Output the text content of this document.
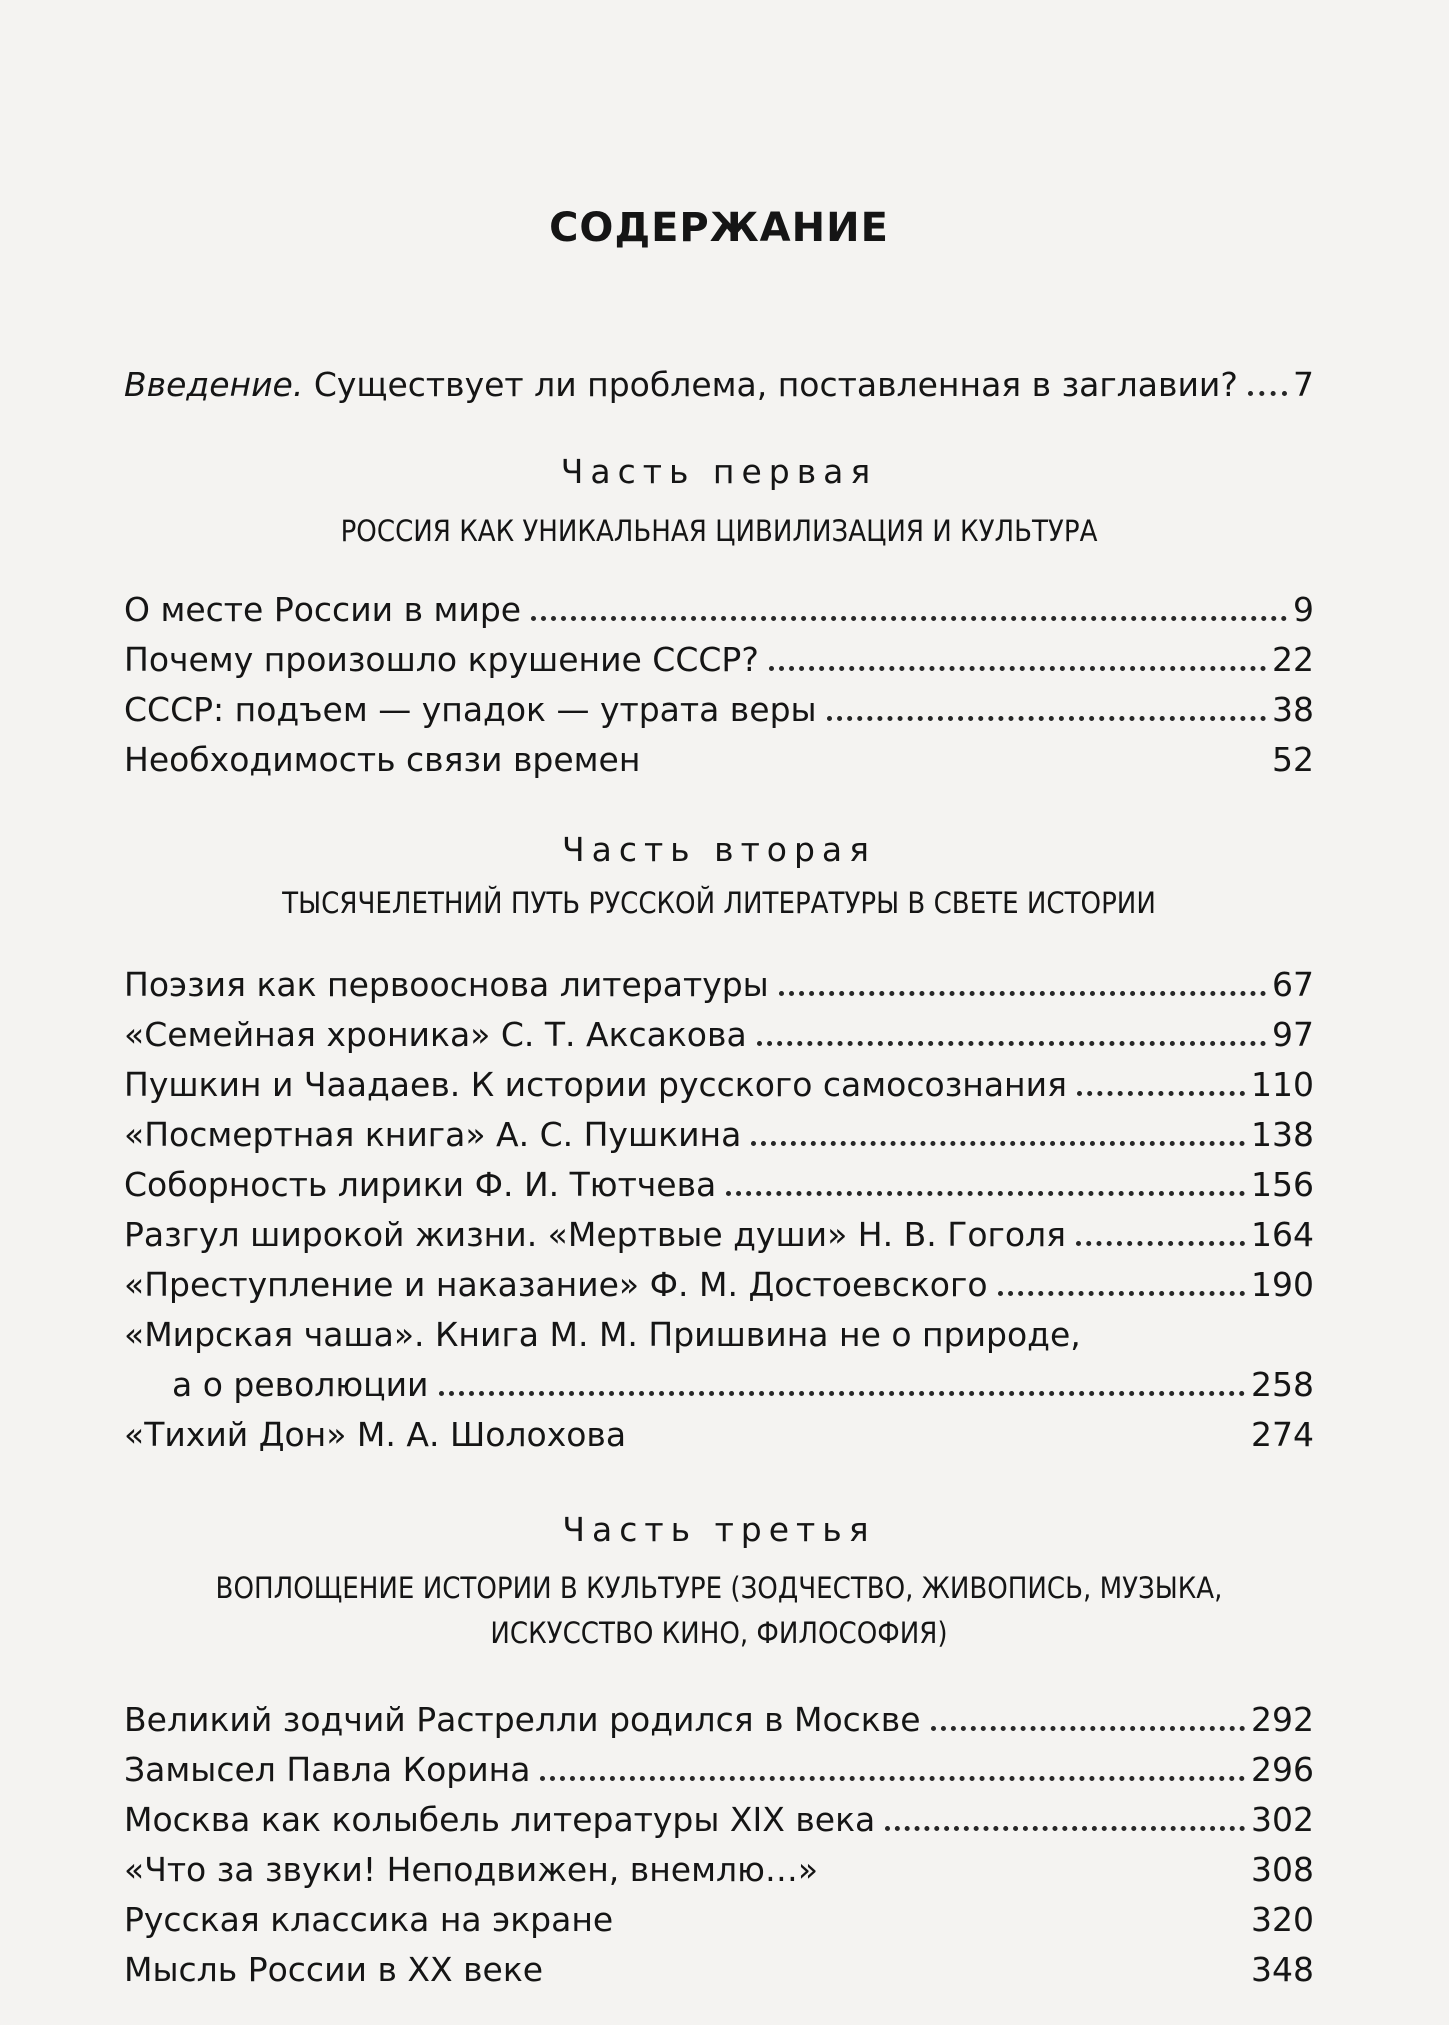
СОДЕРЖАНИЕ
Введение. Существует ли проблема, поставленная в заглавии? 7
Часть первая
РОССИЯ КАК УНИКАЛЬНАЯ ЦИВИЛИЗАЦИЯ И КУЛЬТУРА
О месте России в мире	9
Почему произошло крушение СССР?	22
СССР: подъем — упадок — утрата веры	38
Необходимость связи времен	52
Часть вторая
ТЫСЯЧЕЛЕТНИЙ ПУТЬ РУССКОЙ ЛИТЕРАТУРЫ В СВЕТЕ ИСТОРИИ
Поэзия как первооснова литературы	67
«Семейная хроника» С. Т. Аксакова	97
Пушкин и Чаадаев. К истории русского самосознания	110
«Посмертная книга» А. С. Пушкина	138
Соборность лирики Ф. И. Тютчева	156
Разгул широкой жизни. «Мертвые души» Н. В. Гоголя	164
«Преступление и наказание» Ф. М. Достоевского	190
«Мирская чаша». Книга М. М. Пришвина не о природе,
а о революции	258
«Тихий Дон» М. А. Шолохова	274
Часть третья
ВОПЛОЩЕНИЕ ИСТОРИИ В КУЛЬТУРЕ (ЗОДЧЕСТВО, ЖИВОПИСЬ, МУЗЫКА,
ИСКУССТВО КИНО, ФИЛОСОФИЯ)
Великий зодчий Растрелли родился в Москве	292
Замысел Павла Корина	296
Москва как колыбель литературы XIX века	302
«Что за звуки! Неподвижен, внемлю…»	308
Русская классика на экране	320
Мысль России в XX веке	348
